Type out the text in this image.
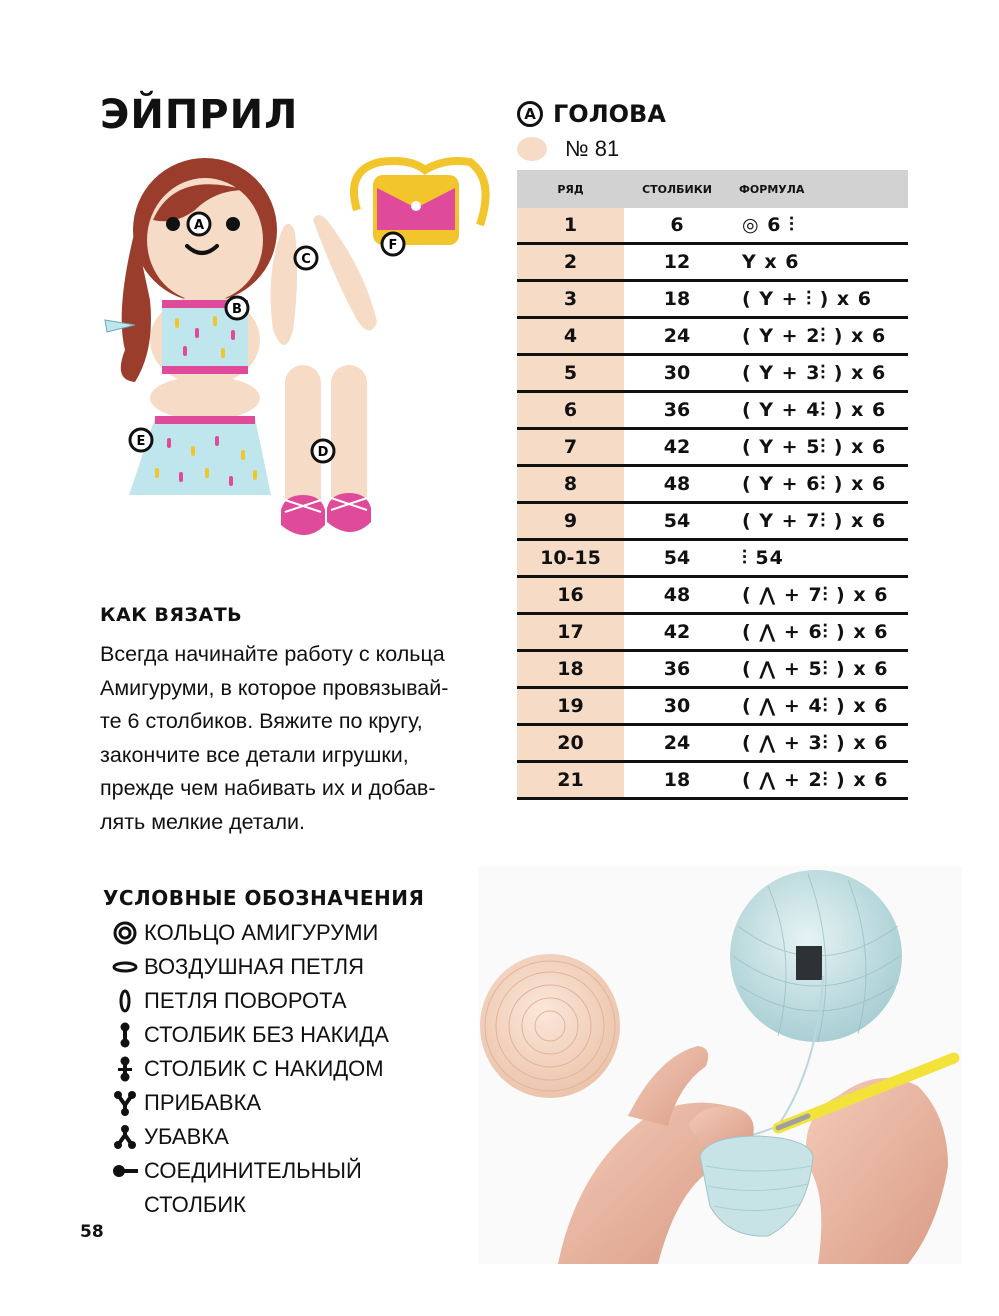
ЭЙПРИЛ
A
B
C
D
E
F
A ГОЛОВА
№ 81
РЯД	СТОЛБИКИ	ФОРМУЛА
1	6	◎ 6 ⫶
2	12	Y x 6
3	18	( Y + ⫶ ) x 6
4	24	( Y + 2⫶ ) x 6
5	30	( Y + 3⫶ ) x 6
6	36	( Y + 4⫶ ) x 6
7	42	( Y + 5⫶ ) x 6
8	48	( Y + 6⫶ ) x 6
9	54	( Y + 7⫶ ) x 6
10-15	54	⫶ 54
16	48	( ⋀ + 7⫶ ) x 6
17	42	( ⋀ + 6⫶ ) x 6
18	36	( ⋀ + 5⫶ ) x 6
19	30	( ⋀ + 4⫶ ) x 6
20	24	( ⋀ + 3⫶ ) x 6
21	18	( ⋀ + 2⫶ ) x 6
КАК ВЯЗАТЬ
Всегда начинайте работу с кольца
Амигуруми, в которое провязывай-
те 6 столбиков. Вяжите по кругу,
закончите все детали игрушки,
прежде чем набивать их и добав-
лять мелкие детали.
УСЛОВНЫЕ ОБОЗНАЧЕНИЯ
КОЛЬЦО АМИГУРУМИ
ВОЗДУШНАЯ ПЕТЛЯ
ПЕТЛЯ ПОВОРОТА
СТОЛБИК БЕЗ НАКИДА
СТОЛБИК С НАКИДОМ
ПРИБАВКА
УБАВКА
СОЕДИНИТЕЛЬНЫЙ
СТОЛБИК
58
